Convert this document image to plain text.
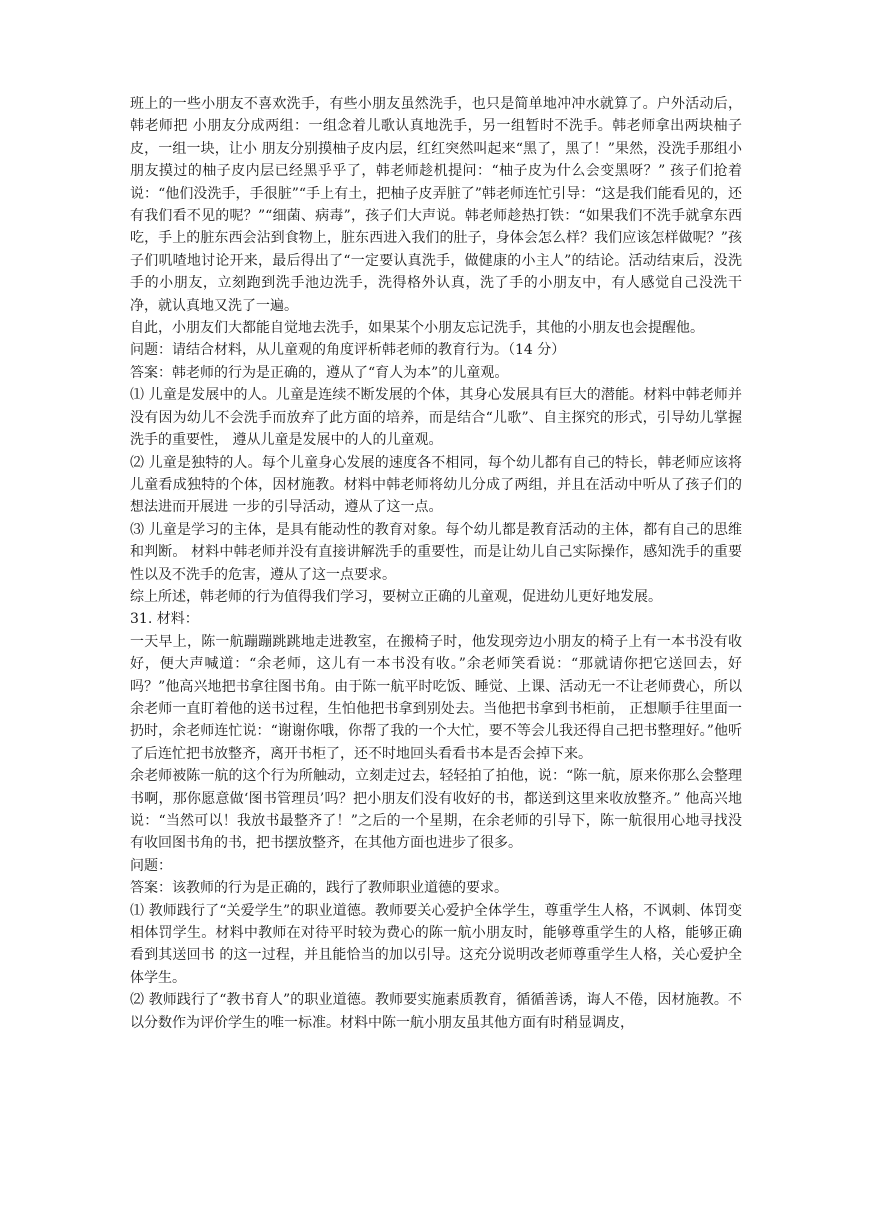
班上的一些小朋友不喜欢洗手，有些小朋友虽然洗手，也只是简单地冲冲水就算了。户外活动后，韩老师把 小朋友分成两组：一组念着儿歌认真地洗手，另一组暂时不洗手。韩老师拿出两块柚子皮，一组一块，让小 朋友分别摸柚子皮内层，红红突然叫起来“黑了，黑了！”果然，没洗手那组小朋友摸过的柚子皮内层已经黑乎乎了，韩老师趁机提问：“柚子皮为什么会变黑呀？” 孩子们抢着说：“他们没洗手，手很脏”“手上有土，把柚子皮弄脏了”韩老师连忙引导：“这是我们能看见的，还有我们看不见的呢？”“细菌、病毒”，孩子们大声说。韩老师趁热打铁：“如果我们不洗手就拿东西吃，手上的脏东西会沾到食物上，脏东西进入我们的肚子，身体会怎么样？我们应该怎样做呢？”孩子们叽喳地讨论开来，最后得出了“一定要认真洗手，做健康的小主人”的结论。活动结束后，没洗手的小朋友，立刻跑到洗手池边洗手，洗得格外认真，洗了手的小朋友中，有人感觉自己没洗干净，就认真地又洗了一遍。

自此，小朋友们大都能自觉地去洗手，如果某个小朋友忘记洗手，其他的小朋友也会提醒他。

问题：请结合材料，从儿童观的角度评析韩老师的教育行为。（14 分）

答案：韩老师的行为是正确的，遵从了“育人为本”的儿童观。

⑴ 儿童是发展中的人。儿童是连续不断发展的个体，其身心发展具有巨大的潜能。材料中韩老师并没有因为幼儿不会洗手而放弃了此方面的培养，而是结合“儿歌”、自主探究的形式，引导幼儿掌握洗手的重要性， 遵从儿童是发展中的人的儿童观。

⑵ 儿童是独特的人。每个儿童身心发展的速度各不相同，每个幼儿都有自己的特长，韩老师应该将儿童看成独特的个体，因材施教。材料中韩老师将幼儿分成了两组，并且在活动中听从了孩子们的想法进而开展进 一步的引导活动，遵从了这一点。

⑶ 儿童是学习的主体，是具有能动性的教育对象。每个幼儿都是教育活动的主体，都有自己的思维和判断。 材料中韩老师并没有直接讲解洗手的重要性，而是让幼儿自己实际操作，感知洗手的重要性以及不洗手的危害，遵从了这一点要求。

综上所述，韩老师的行为值得我们学习，要树立正确的儿童观，促进幼儿更好地发展。

31. 材料：

一天早上，陈一航蹦蹦跳跳地走进教室，在搬椅子时，他发现旁边小朋友的椅子上有一本书没有收好，便大声喊道：“余老师，这儿有一本书没有收。”余老师笑看说：“那就请你把它送回去，好吗？”他高兴地把书拿往图书角。由于陈一航平时吃饭、睡觉、上课、活动无一不让老师费心，所以余老师一直盯着他的送书过程，生怕他把书拿到别处去。当他把书拿到书柜前， 正想顺手往里面一扔时，余老师连忙说：“谢谢你哦，你帮了我的一个大忙，要不等会儿我还得自己把书整理好。”他听了后连忙把书放整齐，离开书柜了，还不时地回头看看书本是否会掉下来。

余老师被陈一航的这个行为所触动，立刻走过去，轻轻拍了拍他，说：“陈一航，原来你那么会整理书啊，那你愿意做‘图书管理员’吗？把小朋友们没有收好的书，都送到这里来收放整齐。” 他高兴地说：“当然可以！我放书最整齐了！”之后的一个星期，在余老师的引导下，陈一航很用心地寻找没有收回图书角的书，把书摆放整齐，在其他方面也进步了很多。

问题：

答案：该教师的行为是正确的，践行了教师职业道德的要求。

⑴ 教师践行了“关爱学生”的职业道德。教师要关心爱护全体学生，尊重学生人格，不讽刺、体罚变相体罚学生。材料中教师在对待平时较为费心的陈一航小朋友时，能够尊重学生的人格，能够正确看到其送回书 的这一过程，并且能恰当的加以引导。这充分说明改老师尊重学生人格，关心爱护全体学生。

⑵ 教师践行了“教书育人”的职业道德。教师要实施素质教育，循循善诱，诲人不倦，因材施教。不以分数作为评价学生的唯一标准。材料中陈一航小朋友虽其他方面有时稍显调皮，
